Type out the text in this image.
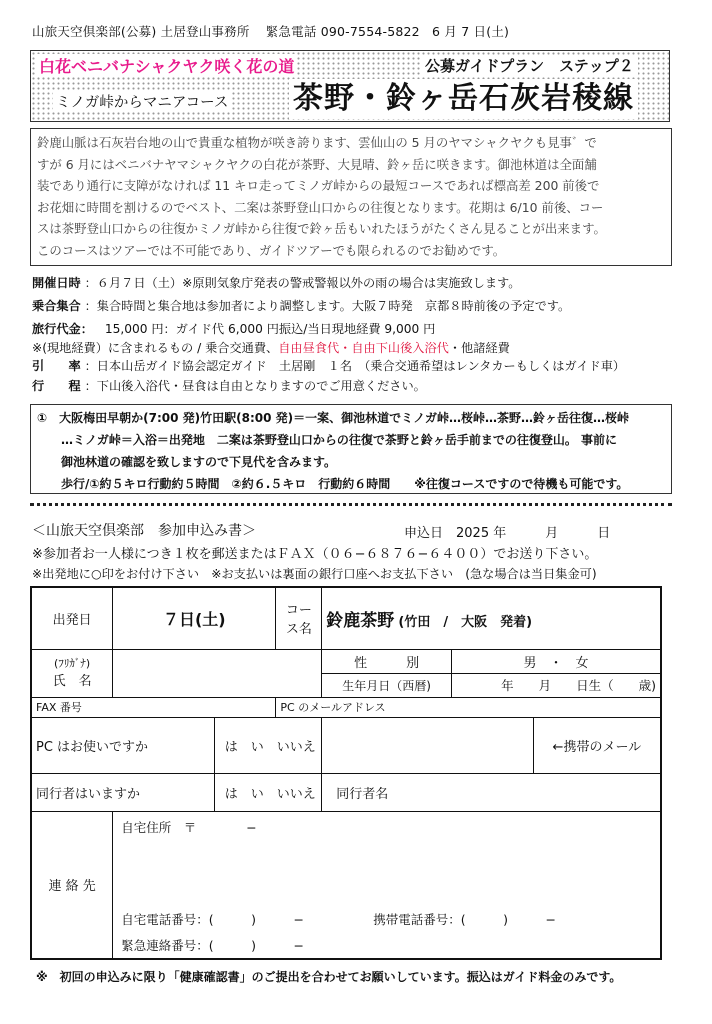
山旅天空倶楽部(公募) 土居登山事務所 緊急電話 090-7554-5822 6 月 7 日(土)
白花ベニバナシャクヤク咲く花の道	公募ガイドプラン　ステップ２
ミノガ峠からマニアコース 茶野・鈴ヶ岳石灰岩稜線
鈴鹿山脈は石灰岩台地の山で貴重な植物が咲き誇ります、雲仙山の 5 月のヤマシャクヤクも見事゛で
すが 6 月にはベニバナヤマシャクヤクの白花が茶野、大見晴、鈴ヶ岳に咲きます。御池林道は全面舗
装であり通行に支障がなければ 11 キロ走ってミノガ峠からの最短コースであれば標高差 200 前後で
お花畑に時間を割けるのでベスト、二案は茶野登山口からの往復となります。花期は 6/10 前後、コー
スは茶野登山口からの往復かミノガ峠から往復で鈴ヶ岳もいれたほうがたくさん見ることが出来ます。
このコースはツアーでは不可能であり、ガイドツアーでも限られるのでお勧めです。
開催日時 ：６月７日（土）※原則気象庁発表の警戒警報以外の雨の場合は実施致します。
乗合集合 ：集合時間と集合地は参加者により調整します。大阪７時発　京都８時前後の予定です。
旅行代金： 15,000 円：ガイド代 6,000 円振込/当日現地経費 9,000 円
※(現地経費）に含まれるもの / 乗合交通費、自由昼食代・自由下山後入浴代・他諸経費
引　　率 ：日本山岳ガイド協会認定ガイド　土居剛　１名　（乗合交通希望はレンタカーもしくはガイド車）
行　　程 ：下山後入浴代・昼食は自由となりますのでご用意ください。
①　大阪梅田早朝か(7:00 発)竹田駅(8:00 発)＝一案、御池林道でミノガ峠…桜峠…茶野…鈴ヶ岳往復…桜峠
　　…ミノガ峠＝入浴＝出発地　二案は茶野登山口からの往復で茶野と鈴ヶ岳手前までの往復登山。 事前に
　　御池林道の確認を致しますので下見代を含みます。
　　歩行/①約５キロ行動約５時間　②約６.５キロ　行動約６時間　　※往復コースですので待機も可能です。
＜山旅天空倶楽部　参加申込み書＞	申込日　2025 年　　　月　　　日
※参加者お一人様につき１枚を郵送またはＦＡＸ（０６−６８７６−６４００）でお送り下さい。
※出発地に○印をお付け下さい　※お支払いは裏面の銀行口座へお支払下さい　(急な場合は当日集金可)
出発日	７日(土)		コース名	鈴鹿茶野 (竹田　/　大阪　発着)		

(ﾌﾘｶﾞﾅ)
氏　名				性　　　別	男　・　女	
				生年月日（西暦)	年　　月　　日生（　　歳)	
FAX 番号			PC のメールアドレス			
PC はお使いですか		は　い　いいえ				←携帯のメール
同行者はいますか		は　い　いいえ		同行者名		
連 絡 先	自宅住所　〒　　　　−
自宅電話番号：(　　　)　　　− 携帯電話番号：(　　　)　　　−
緊急連絡番号：(　　　)　　　−					
※　初回の申込みに限り「健康確認書」のご提出を合わせてお願いしています。振込はガイド料金のみです。
